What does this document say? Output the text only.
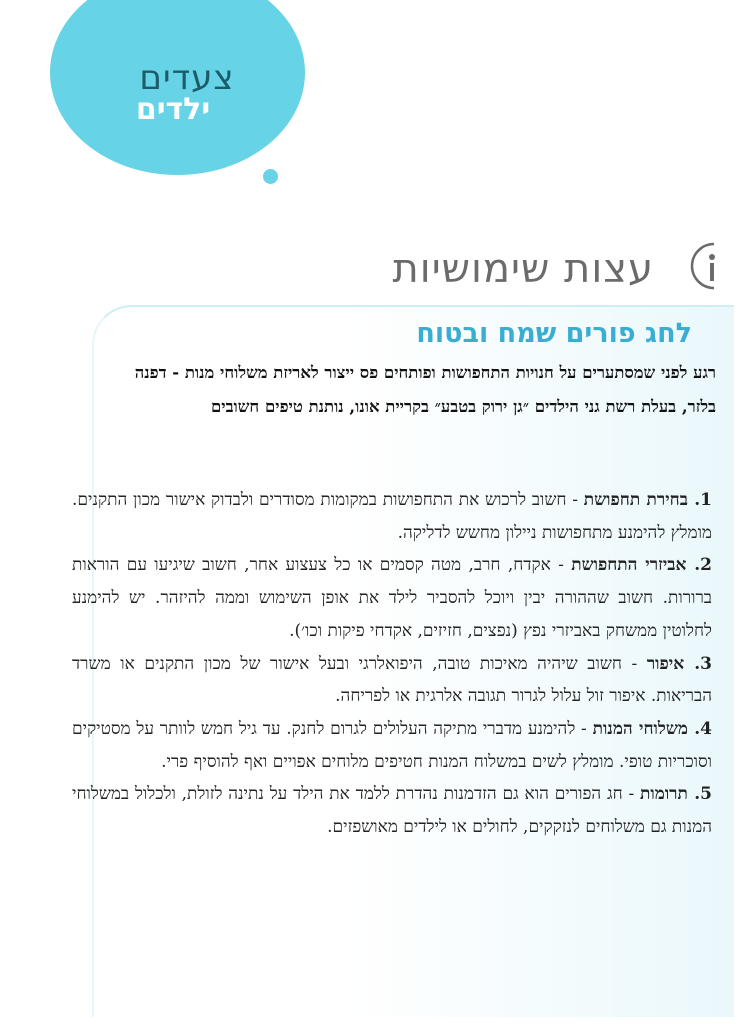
צעדים
ילדים
עצות שימושיות
לחג פורים שמח ובטוח
רגע לפני שמסתערים על חנויות התחפושות ופותחים פס ייצור לאריזת משלוחי מנות - דפנה בלזר, בעלת רשת גני הילדים ״גן ירוק בטבע״ בקריית אונו, נותנת טיפים חשובים

1. בחירת תחפושת - חשוב לרכוש את התחפושות במקומות מסודרים ולבדוק אישור מכון התקנים. מומלץ להימנע מתחפושות ניילון מחשש לדליקה.

2. אביזרי התחפושת - אקדח, חרב, מטה קסמים או כל צעצוע אחר, חשוב שיגיעו עם הוראות ברורות. חשוב שההורה יבין ויוכל להסביר לילד את אופן השימוש וממה להיזהר. יש להימנע לחלוטין ממשחק באביזרי נפץ (נפצים, חזיזים, אקדחי פיקות וכו׳).

3. איפור - חשוב שיהיה מאיכות טובה, היפואלרגי ובעל אישור של מכון התקנים או משרד הבריאות. איפור זול עלול לגרור תגובה אלרגית או לפריחה.

4. משלוחי המנות - להימנע מדברי מתיקה העלולים לגרום לחנק. עד גיל חמש לוותר על מסטיקים וסוכריות טופי. מומלץ לשים במשלוח המנות חטיפים מלוחים אפויים ואף להוסיף פרי.

5. תרומות - חג הפורים הוא גם הזדמנות נהדרת ללמד את הילד על נתינה לזולת, ולכלול במשלוחי המנות גם משלוחים לנזקקים, לחולים או לילדים מאושפזים.
